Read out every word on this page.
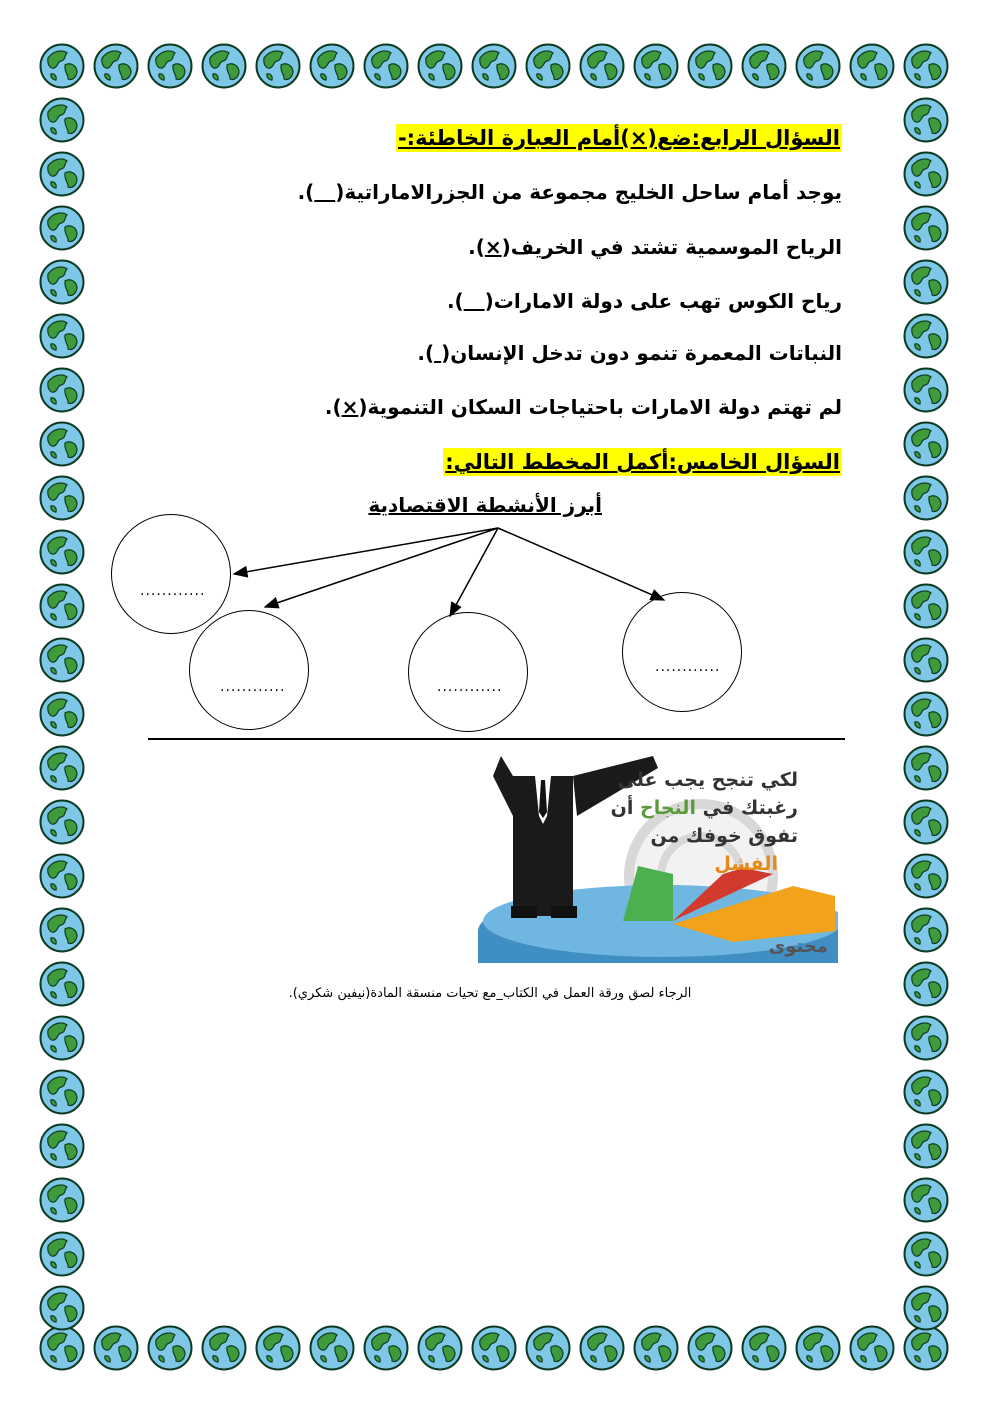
السؤال الرابع:ضع(×)أمام العبارة الخاطئة:-
يوجد أمام ساحل الخليج مجموعة من الجزرالاماراتية(   ).
الرياح الموسمية تشتد في الخريف(×).
رياح الكوس تهب على دولة الامارات(   ).
النباتات المعمرة تنمو دون تدخل الإنسان( ).
لم تهتم دولة الامارات باحتياجات السكان التنموية(×).
السؤال الخامس:أكمل المخطط التالي:
أبرز الأنشطة الاقتصادية
............
............	............
............
لكي تنجح يجب على
رغبتك في النجاح أن
تفوق خوفك من
الفشل
محتوى
الرجاء لصق ورقة العمل في الكتاب_مع تحيات منسقة المادة(نيفين شكري).
